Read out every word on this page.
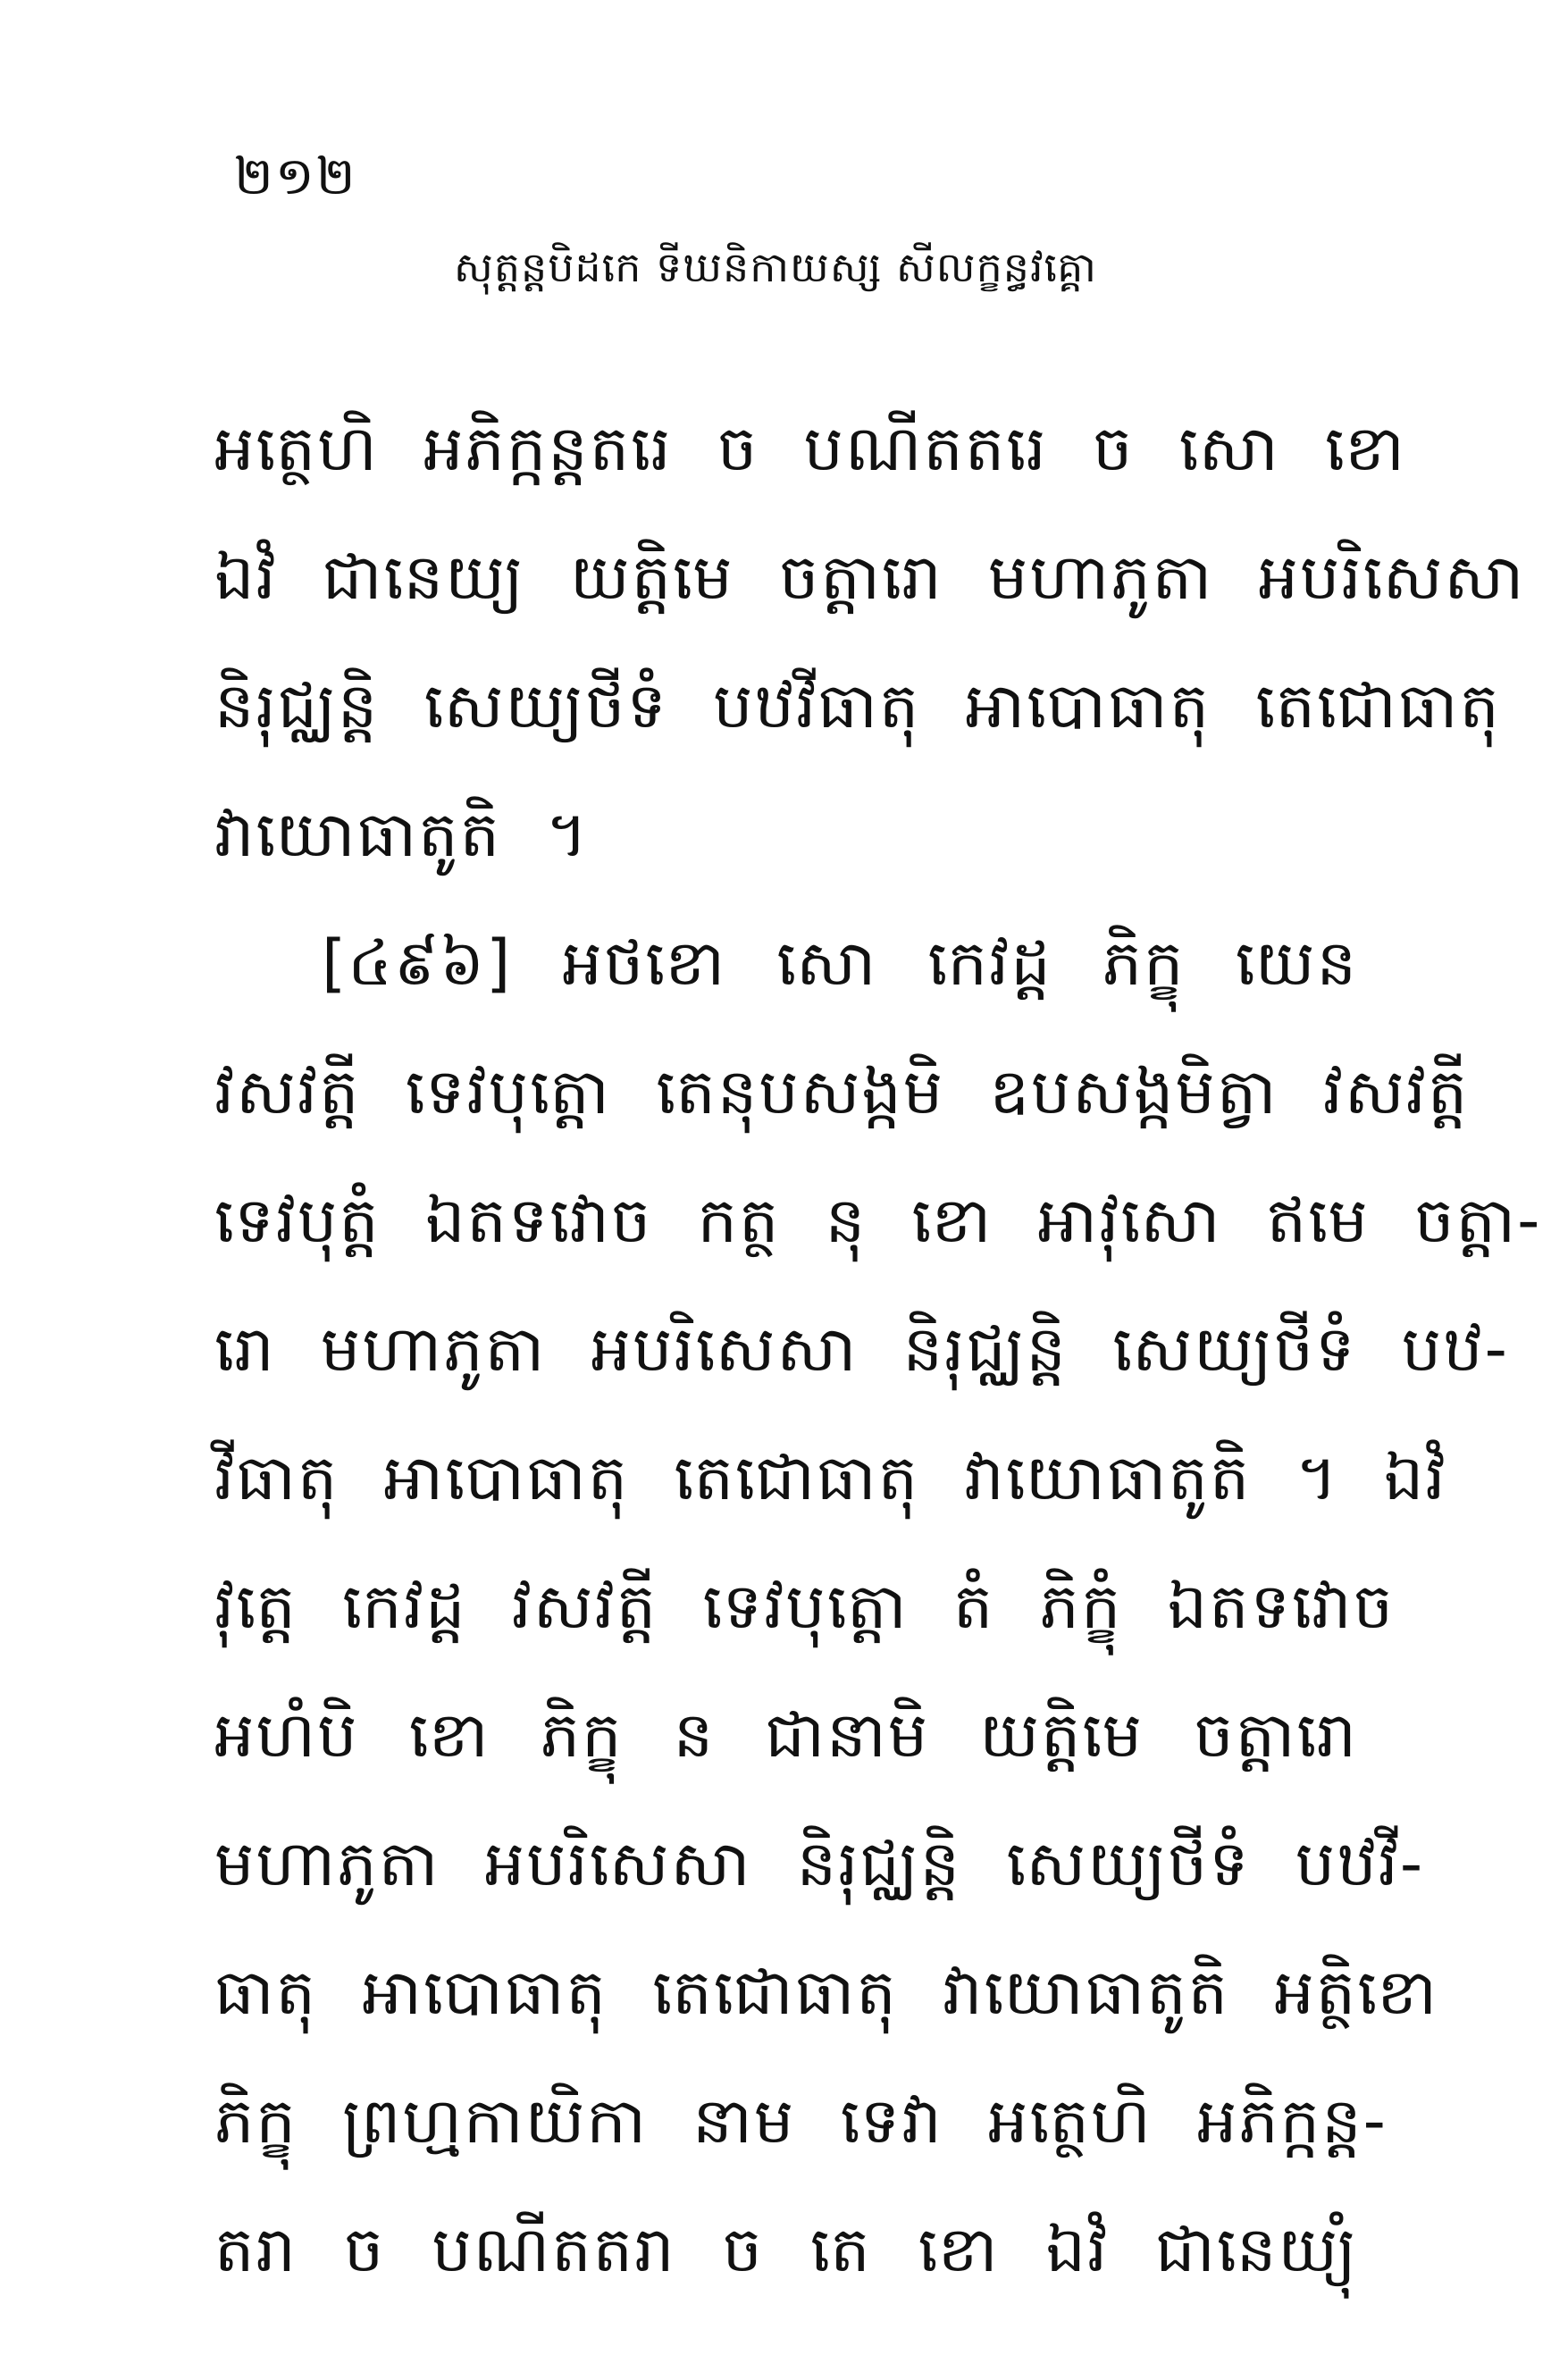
២១២
សុត្តន្តបិដកេ ទីឃនិកាយស្ស សីលក្ខន្ធវគ្គោ
អត្ថេហិ អភិក្កន្តតរេ ច បណីតតរេ ច សោ ខោ
ឯវំ ជានេយ្យ យត្តិមេ ចត្តារោ មហាភូតា អបរិសេសា
និរុជ្ឈន្តិ សេយ្យថីទំ បឋវីធាតុ អាបោធាតុ តេជោធាតុ
វាយោធាតូតិ ។
[៤៩៦] អថខោ សោ កេវដ្ដ ភិក្ខុ យេន
វសវត្តី ទេវបុត្តោ តេនុបសង្កមិ ឧបសង្កមិត្វា វសវត្តី
ទេវបុត្តំ ឯតទវោច កត្ថ នុ ខោ អាវុសោ ឥមេ ចត្តា-
រោ មហាភូតា អបរិសេសា និរុជ្ឈន្តិ សេយ្យថីទំ បឋ-
វីធាតុ អាបោធាតុ តេជោធាតុ វាយោធាតូតិ ។ ឯវំ
វុត្តេ កេវដ្ដ វសវត្តី ទេវបុត្តោ តំ ភិក្ខុំ ឯតទវោច
អហំបិ ខោ ភិក្ខុ ន ជានាមិ យត្តិមេ ចត្តារោ
មហាភូតា អបរិសេសា និរុជ្ឈន្តិ សេយ្យថីទំ បឋវី-
ធាតុ អាបោធាតុ តេជោធាតុ វាយោធាតូតិ អត្ថិខោ
ភិក្ខុ ព្រហ្មកាយិកា នាម ទេវា អត្ថេហិ អភិក្កន្ត-
តរា ច បណីតតរា ច តេ ខោ ឯវំ ជានេយ្យុំ
